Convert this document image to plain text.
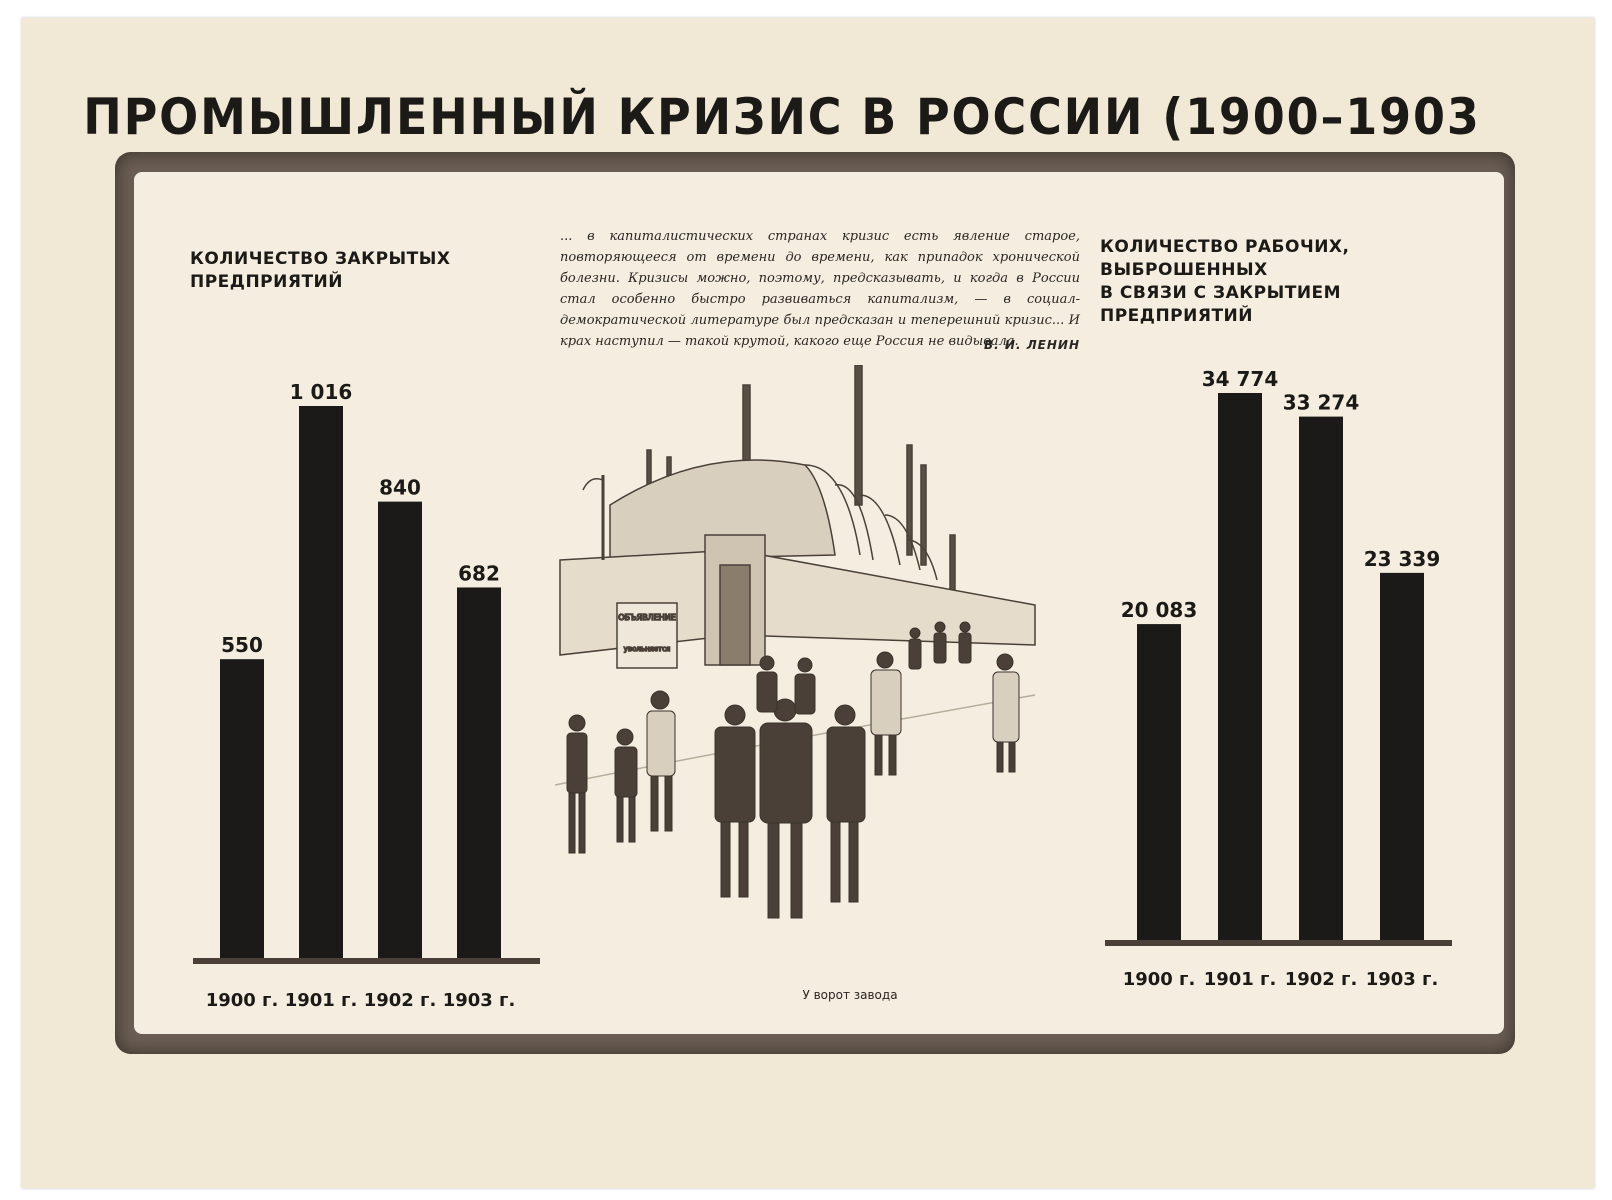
ПРОМЫШЛЕННЫЙ КРИЗИС В РОССИИ (1900–1903
КОЛИЧЕСТВО ЗАКРЫТЫХ ПРЕДПРИЯТИЙ
КОЛИЧЕСТВО РАБОЧИХ, ВЫБРОШЕННЫХ
В СВЯЗИ С ЗАКРЫТИЕМ ПРЕДПРИЯТИЙ
... в капиталистических странах кризис есть явление старое, повторяющееся от времени до времени, как припадок хронической болезни. Кризисы можно, поэтому, предсказывать, и когда в России стал особенно быстро развиваться капитализм, — в социал-демократической литературе был предсказан и теперешний кризис... И крах наступил — такой крутой, какого еще Россия не видывала.
В. И. ЛЕНИН
550
1900 г.
1 016
1901 г.
840
1902 г.
682
1903 г.
20 083
1900 г.
34 774
1901 г.
33 274
1902 г.
23 339
1903 г.
ОБЪЯВЛЕНИЕ
увольняется
У ворот завода
